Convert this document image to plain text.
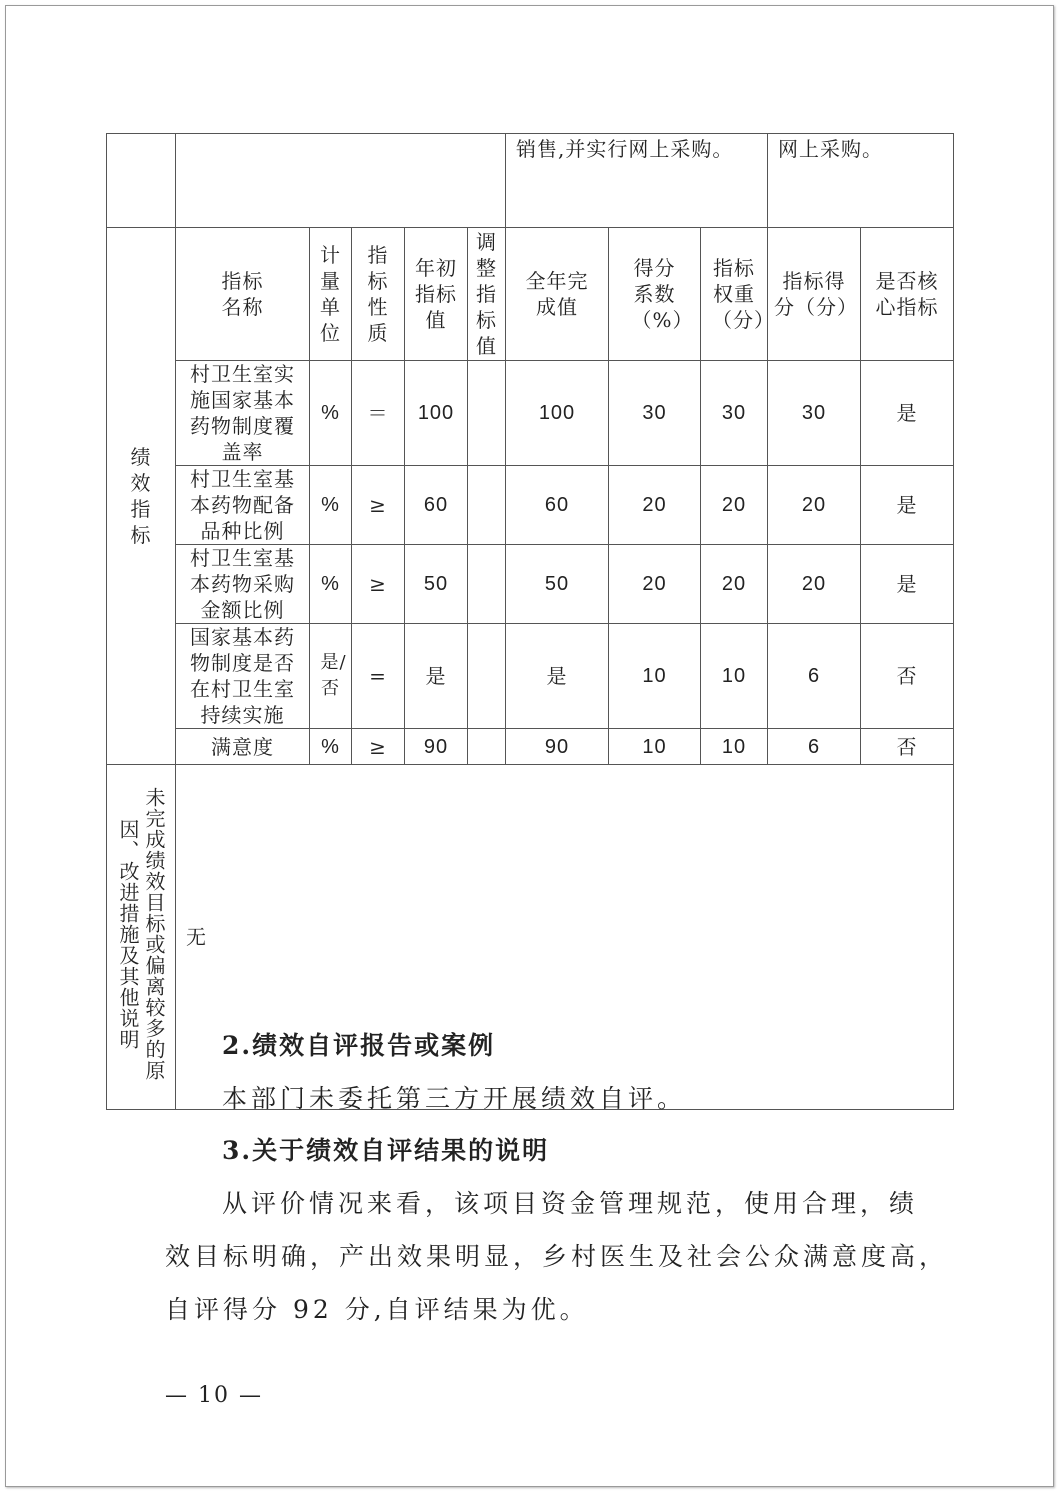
						销售,并实行网上采购。			网上采购。	
绩效指标	指标名称	计量单位	指标性质	年初指标值	调整指标值	全年完成值	得分系数（%）	指标权重（分）	指标得分（分）	是否核心指标
	村卫生室实施国家基本药物制度覆盖率	%	＝	100		100	30	30	30	是
	村卫生室基本药物配备品种比例	%	≥	60		60	20	20	20	是
	村卫生室基本药物采购金额比例	%	≥	50		50	20	20	20	是
	国家基本药物制度是否在村卫生室持续实施	是/否	=	是		是	10	10	6	否
	满意度	%	≥	90		90	10	10	6	否
未完成绩效目标或偏离较多的原因、改进措施及其他说明	无									
2.绩效自评报告或案例
本部门未委托第三方开展绩效自评。
3.关于绩效自评结果的说明
从评价情况来看，该项目资金管理规范，使用合理，绩
效目标明确，产出效果明显，乡村医生及社会公众满意度高，
自评得分 92 分,自评结果为优。
— 10 —
